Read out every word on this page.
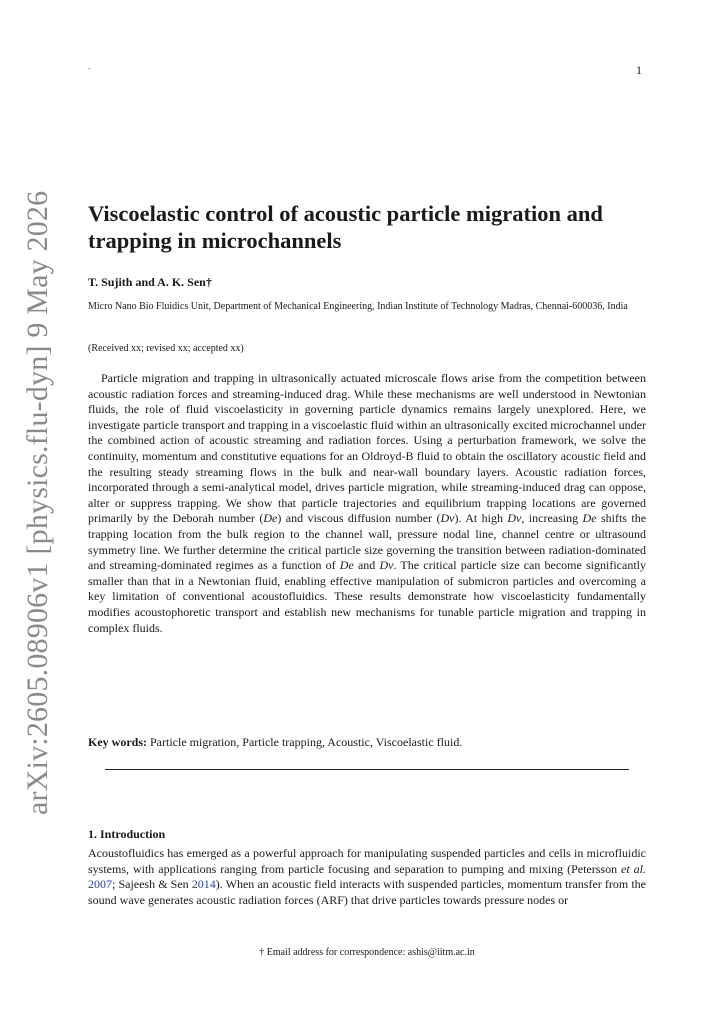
.	1
arXiv:2605.08906v1 [physics.flu-dyn] 9 May 2026 Viscoelastic control of acoustic particle migration and trapping in microchannels
T. Sujith and A. K. Sen†
Micro Nano Bio Fluidics Unit, Department of Mechanical Engineering, Indian Institute of Technology Madras, Chennai-600036, India
(Received xx; revised xx; accepted xx)

Particle migration and trapping in ultrasonically actuated microscale flows arise from the competition between acoustic radiation forces and streaming-induced drag. While these mechanisms are well understood in Newtonian fluids, the role of fluid viscoelasticity in governing particle dynamics remains largely unexplored. Here, we investigate particle transport and trapping in a viscoelastic fluid within an ultrasonically excited microchannel under the combined action of acoustic streaming and radiation forces. Using a perturbation framework, we solve the continuity, momentum and constitutive equations for an Oldroyd-B fluid to obtain the oscillatory acoustic field and the resulting steady streaming flows in the bulk and near-wall boundary layers. Acoustic radiation forces, incorporated through a semi-analytical model, drives particle migration, while streaming-induced drag can oppose, alter or suppress trapping. We show that particle trajectories and equilibrium trapping locations are governed primarily by the Deborah number (De) and viscous diffusion number (Dv). At high Dv, increasing De shifts the trapping location from the bulk region to the channel wall, pressure nodal line, channel centre or ultrasound symmetry line. We further determine the critical particle size governing the transition between radiation-dominated and streaming-dominated regimes as a function of De and Dv. The critical particle size can become significantly smaller than that in a Newtonian fluid, enabling effective manipulation of submicron particles and overcoming a key limitation of conventional acoustofluidics. These results demonstrate how viscoelasticity fundamentally modifies acoustophoretic transport and establish new mechanisms for tunable particle migration and trapping in complex fluids.

Key words: Particle migration, Particle trapping, Acoustic, Viscoelastic fluid.
1. Introduction

Acoustofluidics has emerged as a powerful approach for manipulating suspended particles and cells in microfluidic systems, with applications ranging from particle focusing and separation to pumping and mixing (Petersson et al. 2007; Sajeesh & Sen 2014). When an acoustic field interacts with suspended particles, momentum transfer from the sound wave generates acoustic radiation forces (ARF) that drive particles towards pressure nodes or

† Email address for correspondence: ashis@iitm.ac.in
